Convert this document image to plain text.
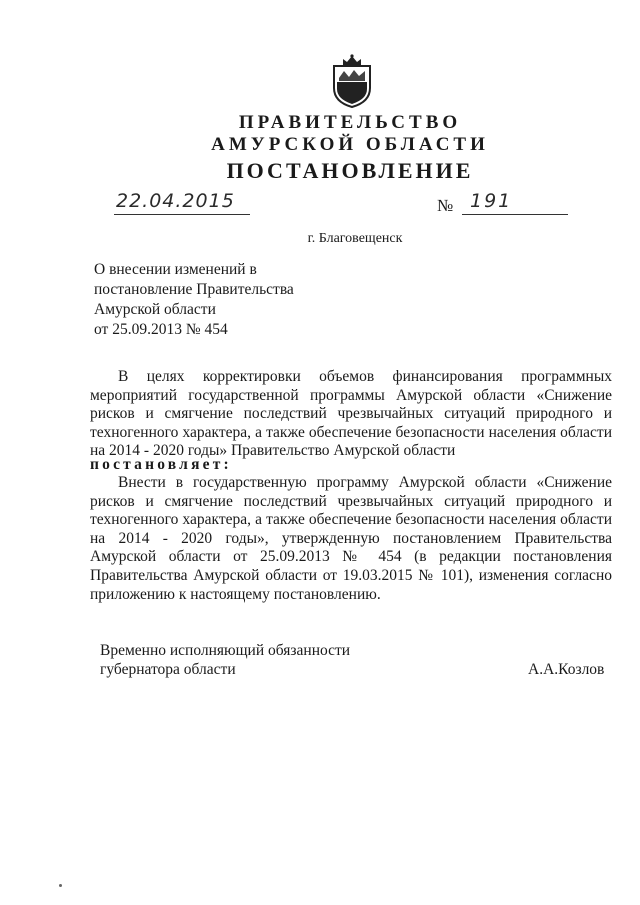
ПРАВИТЕЛЬСТВО
АМУРСКОЙ ОБЛАСТИ
ПОСТАНОВЛЕНИЕ
22.04.2015	№ 191
г. Благовещенск
О внесении изменений в
постановление Правительства
Амурской области
от 25.09.2013 № 454
В целях корректировки объемов финансирования программных мероприятий государственной программы Амурской области «Снижение рисков и смягчение последствий чрезвычайных ситуаций природного и техногенного характера, а также обеспечение безопасности населения области на 2014 - 2020 годы» Правительство Амурской области
постановляет:
Внести в государственную программу Амурской области «Снижение рисков и смягчение последствий чрезвычайных ситуаций природного и техногенного характера, а также обеспечение безопасности населения области на 2014 - 2020 годы», утвержденную постановлением Правительства Амурской области от 25.09.2013 № 454 (в редакции постановления Правительства Амурской области от 19.03.2015 № 101), изменения согласно приложению к настоящему постановлению.
Временно исполняющий обязанности
губернатора области	А.А.Козлов
